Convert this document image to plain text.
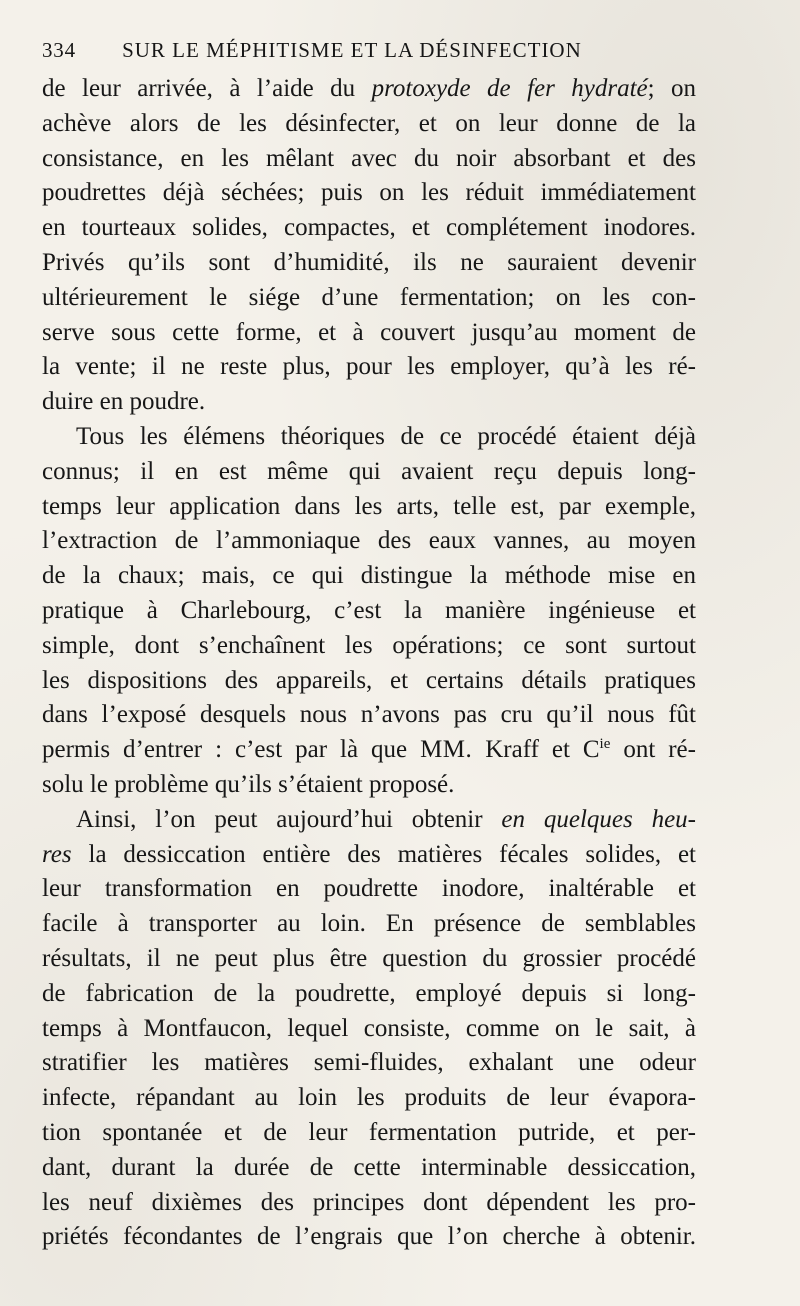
334 SUR LE MÉPHITISME ET LA DÉSINFECTION
de leur arrivée, à l’aide du protoxyde de fer hydraté; on
achève alors de les désinfecter, et on leur donne de la
consistance, en les mêlant avec du noir absorbant et des
poudrettes déjà séchées; puis on les réduit immédiatement
en tourteaux solides, compactes, et complétement inodores.
Privés qu’ils sont d’humidité, ils ne sauraient devenir
ultérieurement le siége d’une fermentation; on les con-
serve sous cette forme, et à couvert jusqu’au moment de
la vente; il ne reste plus, pour les employer, qu’à les ré-
duire en poudre.
Tous les élémens théoriques de ce procédé étaient déjà
connus; il en est même qui avaient reçu depuis long-
temps leur application dans les arts, telle est, par exemple,
l’extraction de l’ammoniaque des eaux vannes, au moyen
de la chaux; mais, ce qui distingue la méthode mise en
pratique à Charlebourg, c’est la manière ingénieuse et
simple, dont s’enchaînent les opérations; ce sont surtout
les dispositions des appareils, et certains détails pratiques
dans l’exposé desquels nous n’avons pas cru qu’il nous fût
permis d’entrer : c’est par là que MM. Kraff et $C^{ie}$ ont ré-
solu le problème qu’ils s’étaient proposé.
Ainsi, l’on peut aujourd’hui obtenir en quelques heu-
res la dessiccation entière des matières fécales solides, et
leur transformation en poudrette inodore, inaltérable et
facile à transporter au loin. En présence de semblables
résultats, il ne peut plus être question du grossier procédé
de fabrication de la poudrette, employé depuis si long-
temps à Montfaucon, lequel consiste, comme on le sait, à
stratifier les matières semi-fluides, exhalant une odeur
infecte, répandant au loin les produits de leur évapora-
tion spontanée et de leur fermentation putride, et per-
dant, durant la durée de cette interminable dessiccation,
les neuf dixièmes des principes dont dépendent les pro-
priétés fécondantes de l’engrais que l’on cherche à obtenir.
